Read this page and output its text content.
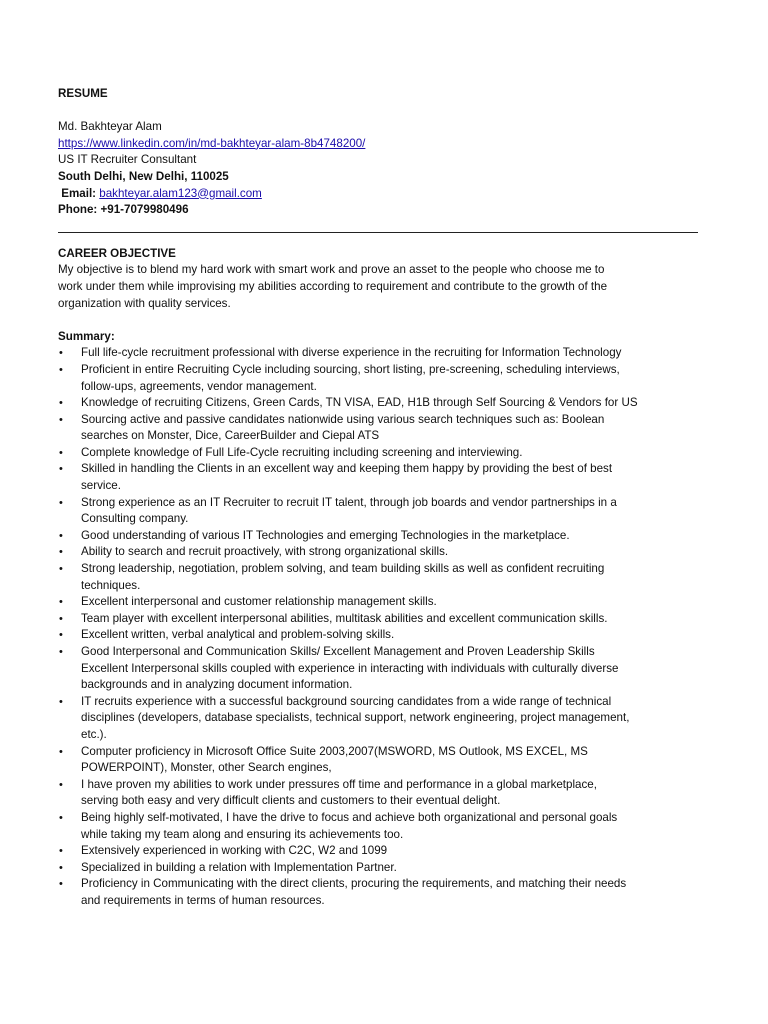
RESUME
Md. Bakhteyar Alam
https://www.linkedin.com/in/md-bakhteyar-alam-8b4748200/
US IT Recruiter Consultant
South Delhi, New Delhi, 110025
Email: bakhteyar.alam123@gmail.com
Phone: +91-7079980496
CAREER OBJECTIVE
My objective is to blend my hard work with smart work and prove an asset to the people who choose me to
work under them while improvising my abilities according to requirement and contribute to the growth of the
organization with quality services.
Summary:
• Full life-cycle recruitment professional with diverse experience in the recruiting for Information Technology
• Proficient in entire Recruiting Cycle including sourcing, short listing, pre-screening, scheduling interviews,
follow-ups, agreements, vendor management.
• Knowledge of recruiting Citizens, Green Cards, TN VISA, EAD, H1B through Self Sourcing & Vendors for US
• Sourcing active and passive candidates nationwide using various search techniques such as: Boolean
searches on Monster, Dice, CareerBuilder and Ciepal ATS
• Complete knowledge of Full Life-Cycle recruiting including screening and interviewing.
• Skilled in handling the Clients in an excellent way and keeping them happy by providing the best of best
service.
• Strong experience as an IT Recruiter to recruit IT talent, through job boards and vendor partnerships in a
Consulting company.
• Good understanding of various IT Technologies and emerging Technologies in the marketplace.
• Ability to search and recruit proactively, with strong organizational skills.
• Strong leadership, negotiation, problem solving, and team building skills as well as confident recruiting
techniques.
• Excellent interpersonal and customer relationship management skills.
• Team player with excellent interpersonal abilities, multitask abilities and excellent communication skills.
• Excellent written, verbal analytical and problem-solving skills.
• Good Interpersonal and Communication Skills/ Excellent Management and Proven Leadership Skills
Excellent Interpersonal skills coupled with experience in interacting with individuals with culturally diverse
backgrounds and in analyzing document information.
• IT recruits experience with a successful background sourcing candidates from a wide range of technical
disciplines (developers, database specialists, technical support, network engineering, project management,
etc.).
• Computer proficiency in Microsoft Office Suite 2003,2007(MSWORD, MS Outlook, MS EXCEL, MS
POWERPOINT), Monster, other Search engines,
• I have proven my abilities to work under pressures off time and performance in a global marketplace,
serving both easy and very difficult clients and customers to their eventual delight.
• Being highly self-motivated, I have the drive to focus and achieve both organizational and personal goals
while taking my team along and ensuring its achievements too.
• Extensively experienced in working with C2C, W2 and 1099
• Specialized in building a relation with Implementation Partner.
• Proficiency in Communicating with the direct clients, procuring the requirements, and matching their needs
and requirements in terms of human resources.
